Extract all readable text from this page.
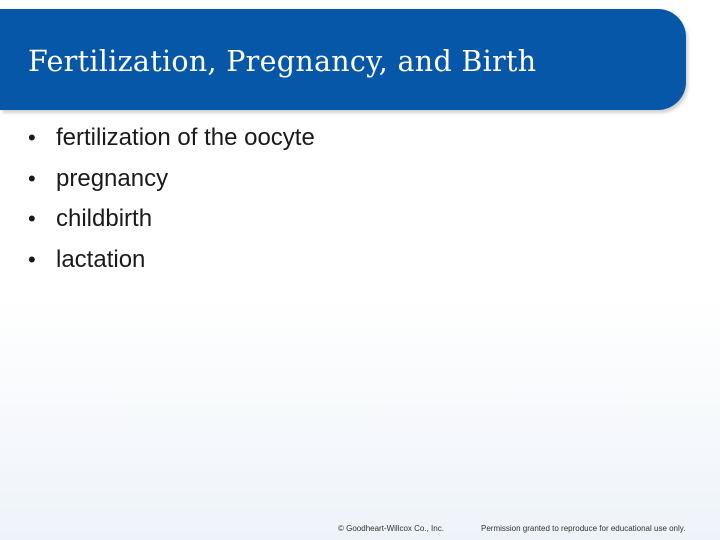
Fertilization, Pregnancy, and Birth
• fertilization of the oocyte
• pregnancy
• childbirth
• lactation
© Goodheart-Willcox Co., Inc.	Permission granted to reproduce for educational use only.
